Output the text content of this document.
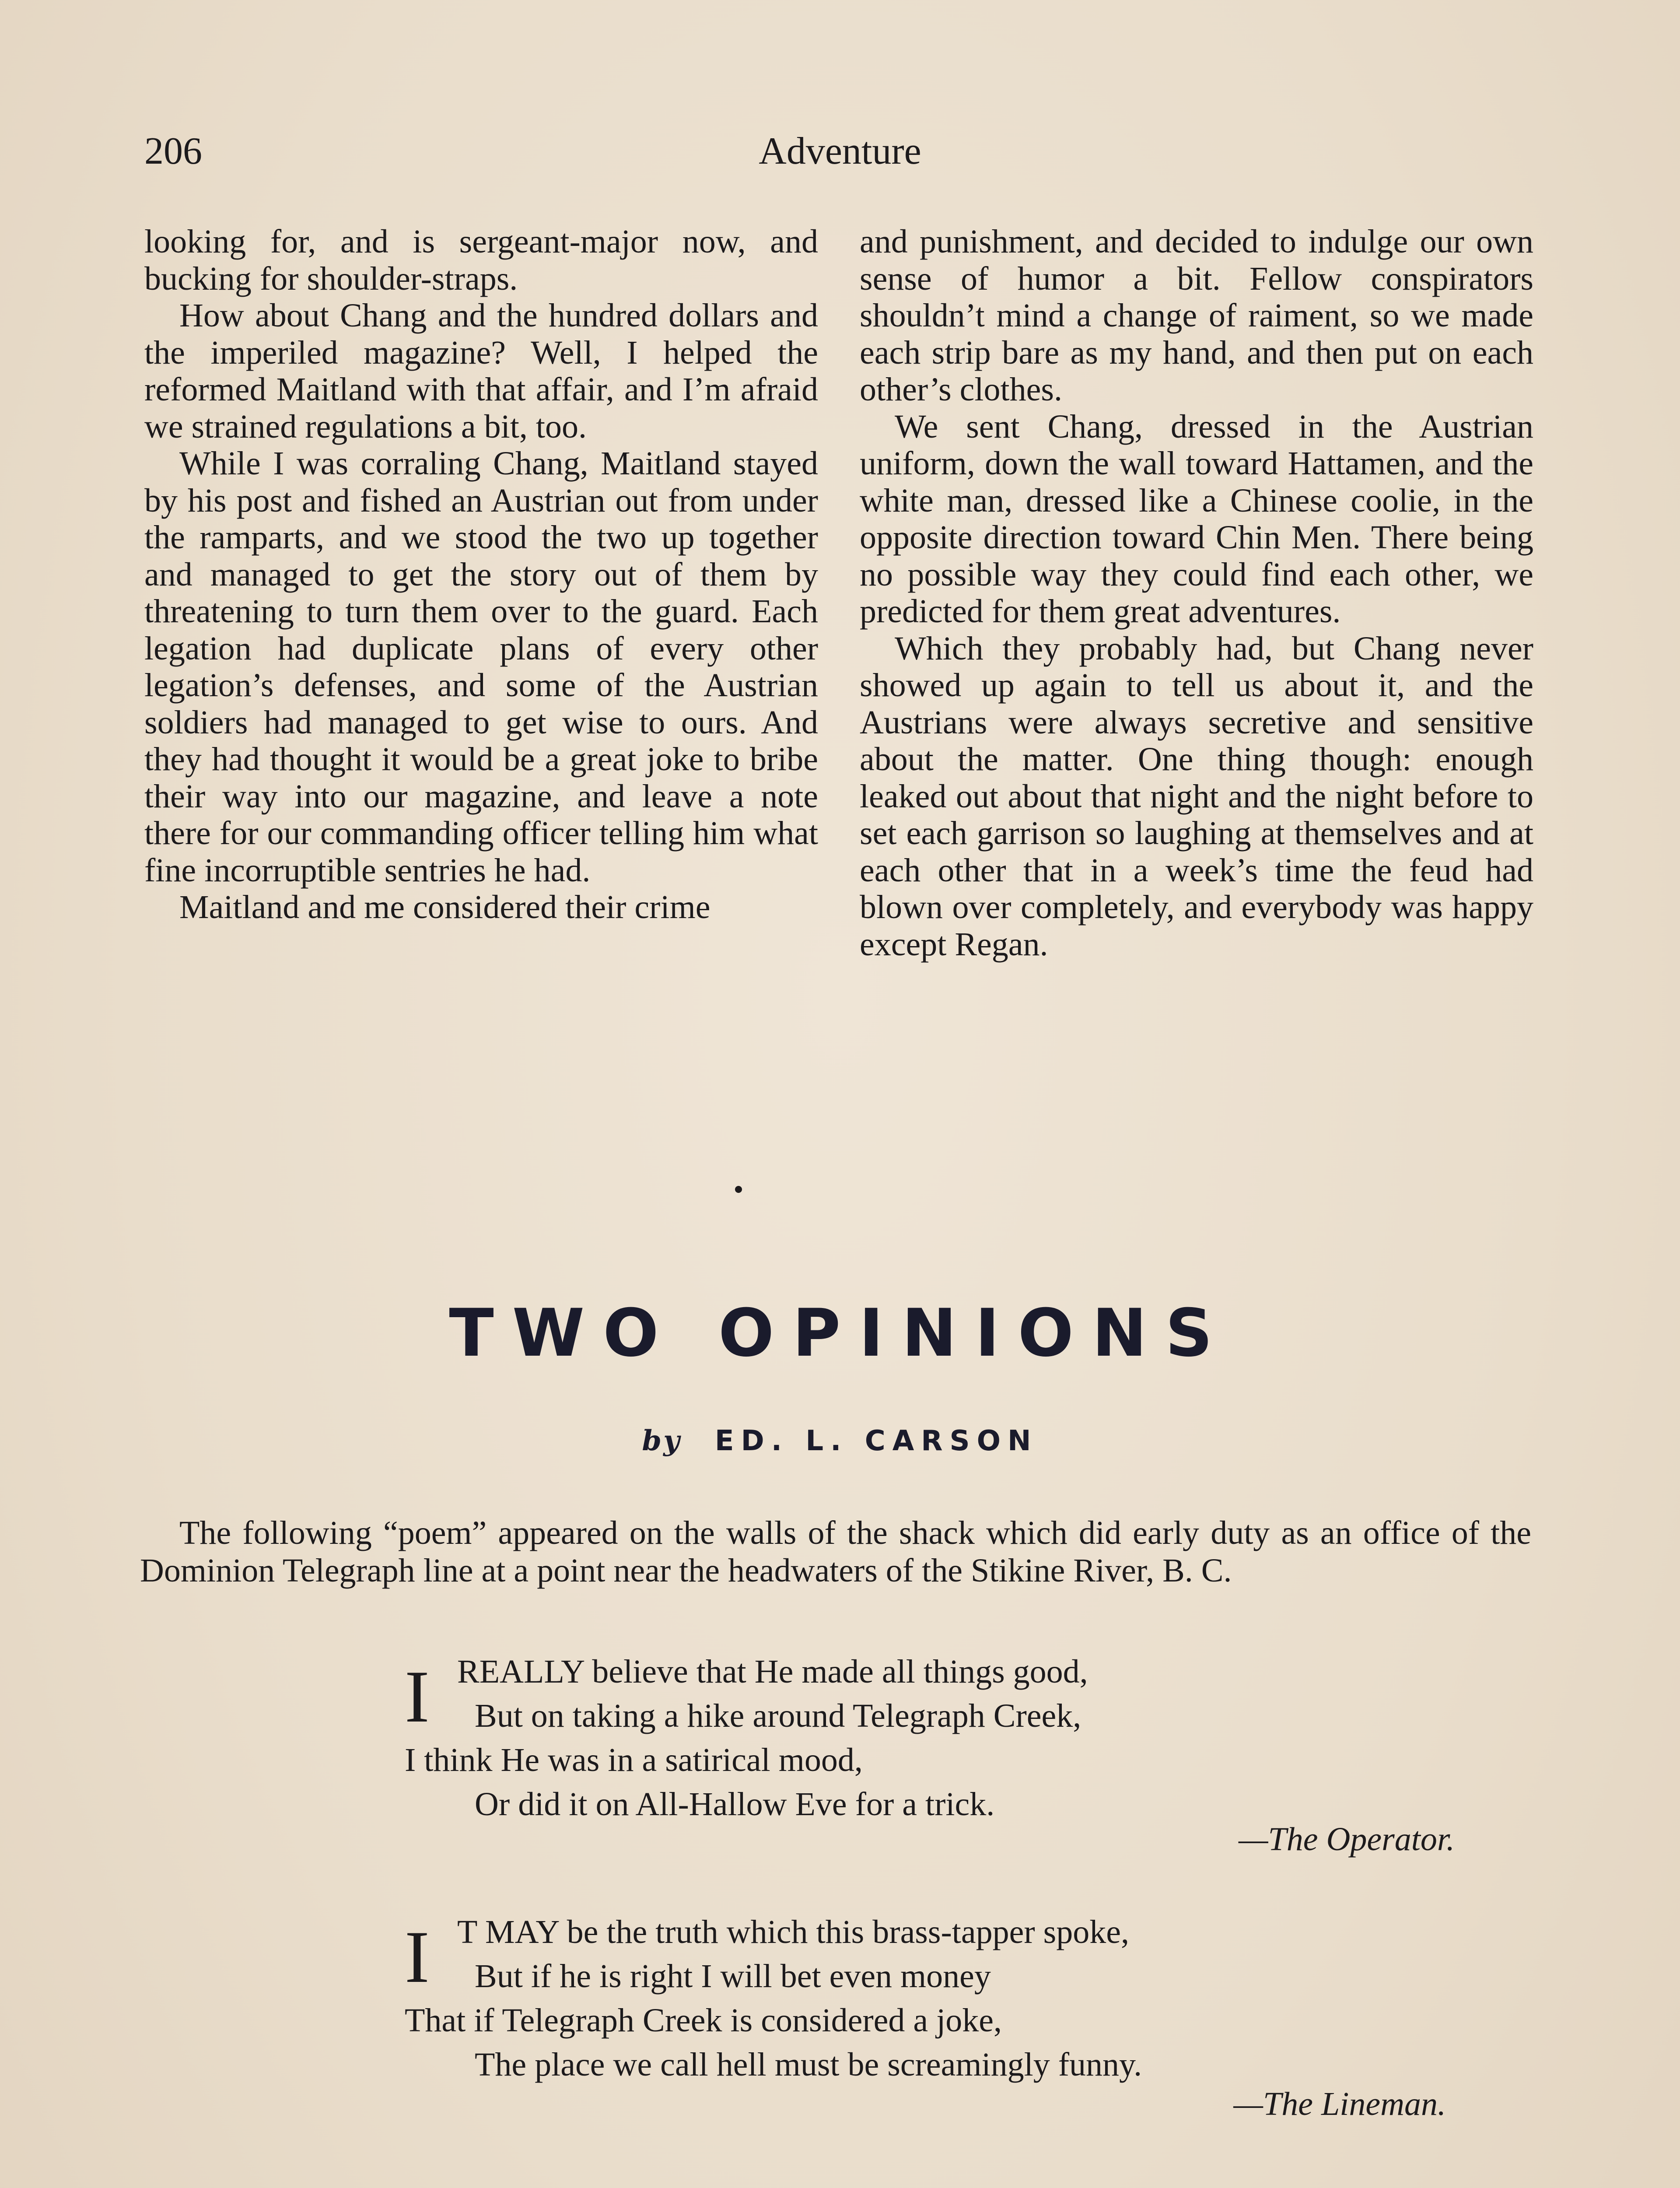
206	Adventure

looking for, and is sergeant-major now, and bucking for shoulder-straps.

How about Chang and the hundred dollars and the imperiled magazine? Well, I helped the reformed Maitland with that affair, and I’m afraid we strained regulations a bit, too.

While I was corraling Chang, Maitland stayed by his post and fished an Austrian out from under the ramparts, and we stood the two up together and managed to get the story out of them by threatening to turn them over to the guard. Each legation had duplicate plans of every other legation’s defenses, and some of the Austrian soldiers had managed to get wise to ours. And they had thought it would be a great joke to bribe their way into our magazine, and leave a note there for our commanding officer telling him what fine incorruptible sentries he had.

Maitland and me considered their crime

and punishment, and decided to indulge our own sense of humor a bit. Fellow conspirators shouldn’t mind a change of raiment, so we made each strip bare as my hand, and then put on each other’s clothes.

We sent Chang, dressed in the Austrian uniform, down the wall toward Hattamen, and the white man, dressed like a Chinese coolie, in the opposite direction toward Chin Men. There being no possible way they could find each other, we predicted for them great adventures.

Which they probably had, but Chang never showed up again to tell us about it, and the Austrians were always secretive and sensitive about the matter. One thing though: enough leaked out about that night and the night before to set each garrison so laughing at themselves and at each other that in a week’s time the feud had blown over completely, and everybody was happy except Regan.

TWO OPINIONS
by ED. L. CARSON
The following “poem” appeared on the walls of the shack which did early duty as an office of the Dominion Telegraph line at a point near the headwaters of the Stikine River, B. C.
I REALLY believe that He made all things good,
But on taking a hike around Telegraph Creek,
I think He was in a satirical mood,
Or did it on All-Hallow Eve for a trick.
—The Operator.
I T MAY be the truth which this brass-tapper spoke,
But if he is right I will bet even money
That if Telegraph Creek is considered a joke,
The place we call hell must be screamingly funny.
—The Lineman.
